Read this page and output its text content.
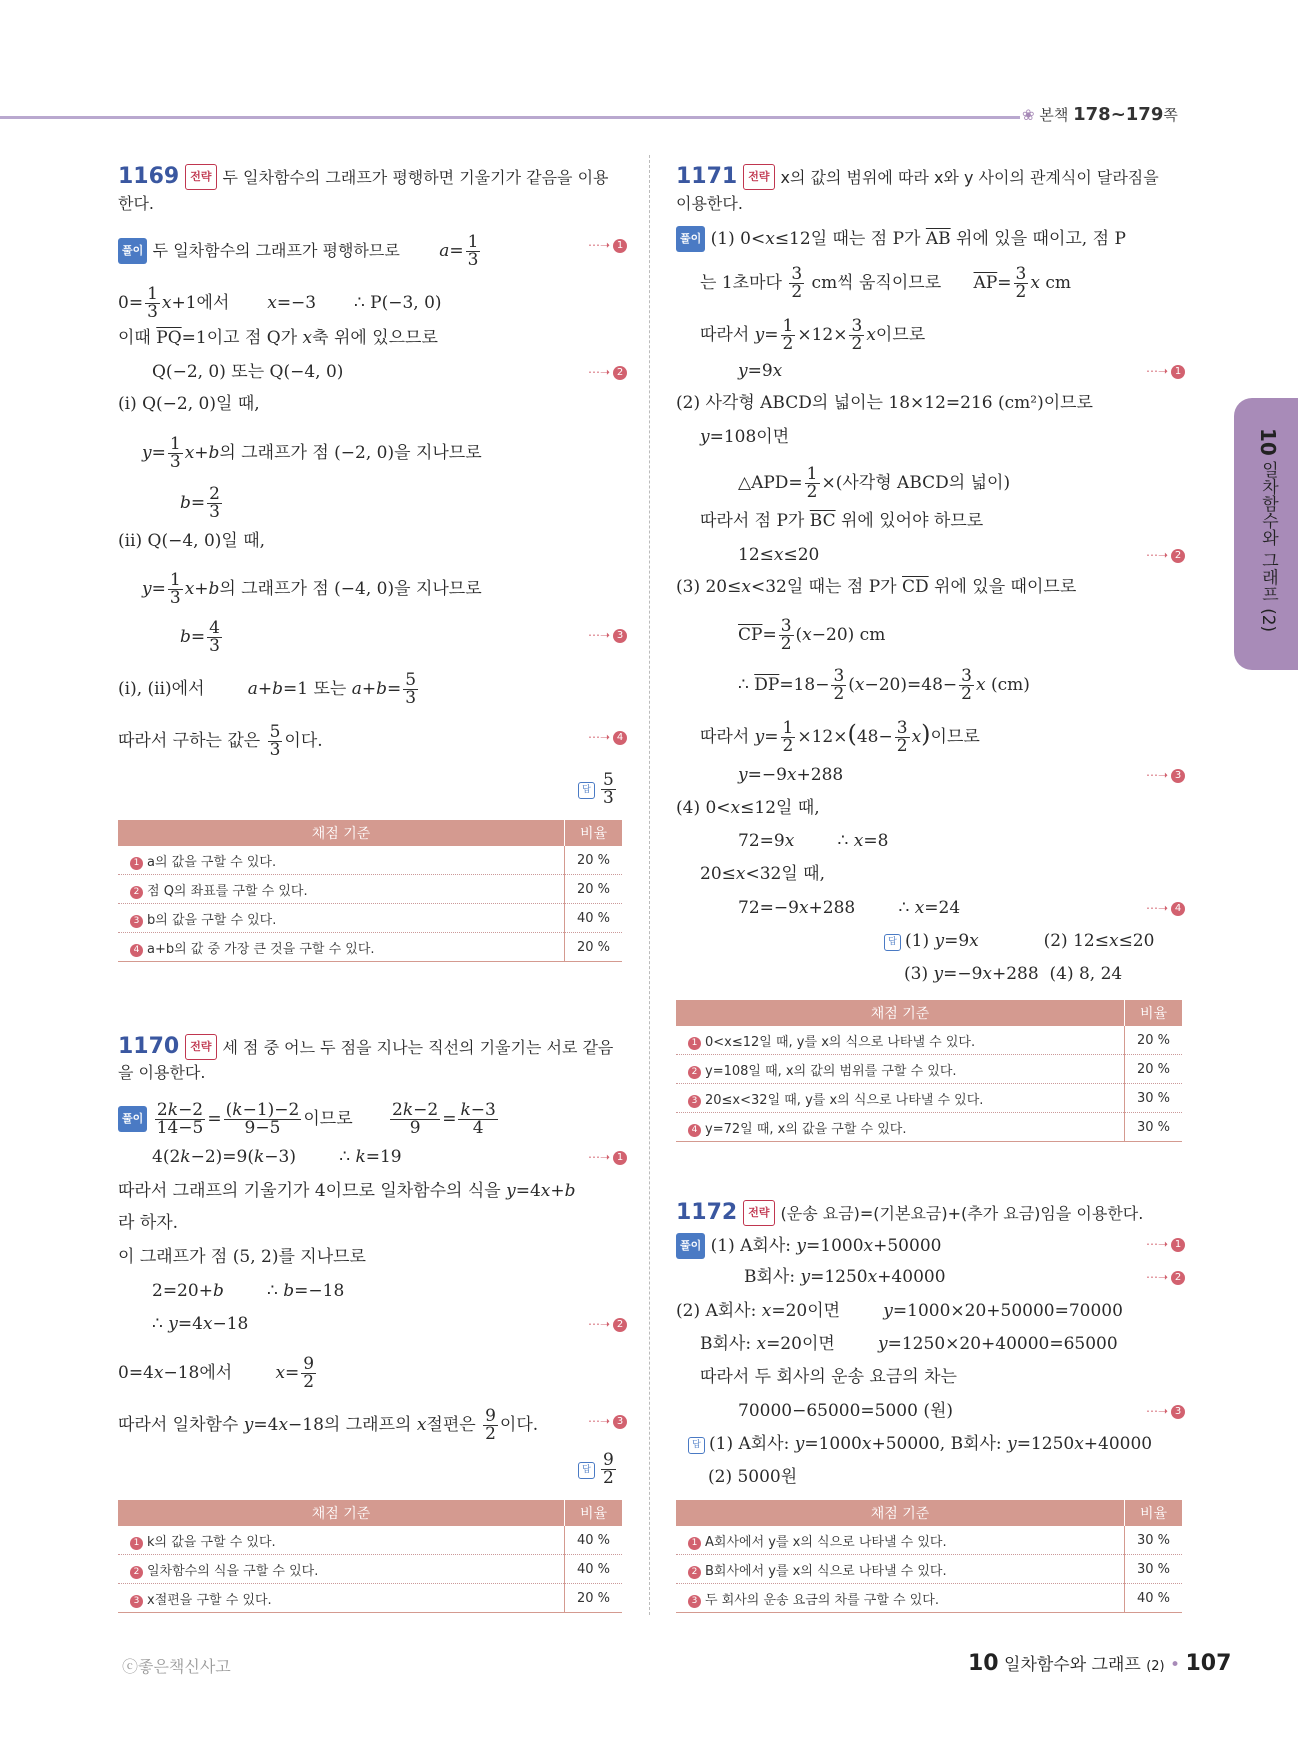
❀ 본책 178~179쪽
10 일차함수와 그래프 (2)
1169 전략 두 일차함수의 그래프가 평행하면 기울기가 같음을 이용
한다.
풀이 두 일차함수의 그래프가 평행하므로 $a= \frac{1}{3}$	⋯➝ 1
$0= \frac{1}{3} x+1$에서       x=−3       ∴ P(−3, 0)
이때 $\overline{PQ}=1$이고 점 Q가 x축 위에 있으므로
Q(−2, 0) 또는 Q(−4, 0)	⋯➝ 2
(ⅰ) Q(−2, 0)일 때,
$y= \frac{1}{3} x+b$의 그래프가 점 (−2, 0)을 지나므로
$b= \frac{2}{3}$
(ⅱ) Q(−4, 0)일 때,
$y= \frac{1}{3} x+b$의 그래프가 점 (−4, 0)을 지나므로
$b= \frac{4}{3}$	⋯➝ 3
(ⅰ), (ⅱ)에서        a+b=1 또는 $a+b= \frac{5}{3}$
따라서 구하는 값은 $\frac{5}{3}$ 이다.	⋯➝ 4
답 $\frac{5}{3}$
채점 기준	비율
1 a의 값을 구할 수 있다.	20 %
2 점 Q의 좌표를 구할 수 있다.	20 %
3 b의 값을 구할 수 있다.	40 %
4 a+b의 값 중 가장 큰 것을 구할 수 있다.	20 %
1170 전략 세 점 중 어느 두 점을 지나는 직선의 기울기는 서로 같음
을 이용한다.
풀이 $\frac{2k-2}{14-5} = \frac{(k-1)-2}{9-5}$ 이므로 $\frac{2k-2}{9} = \frac{k-3}{4}$
4(2k−2)=9(k−3)        ∴ k=19	⋯➝ 1
따라서 그래프의 기울기가 4이므로 일차함수의 식을 y=4x+b
라 하자.
이 그래프가 점 (5, 2)를 지나므로
2=20+b        ∴ b=−18
∴ y=4x−18	⋯➝ 2
0=4x−18에서        $x= \frac{9}{2}$
따라서 일차함수 y=4x−18의 그래프의 x절편은 $\frac{9}{2}$ 이다.	⋯➝ 3
답 $\frac{9}{2}$
채점 기준	비율
1 k의 값을 구할 수 있다.	40 %
2 일차함수의 식을 구할 수 있다.	40 %
3 x절편을 구할 수 있다.	20 %
1171 전략 x의 값의 범위에 따라 x와 y 사이의 관계식이 달라짐을
이용한다.
풀이 (1) 0<x≤12일 때는 점 P가 $\overline{AB}$ 위에 있을 때이고, 점 P
는 1초마다 $\frac{3}{2}$ cm씩 움직이므로      $\overline{AP}= \frac{3}{2}$ x cm
따라서 $y= \frac{1}{2} \times 12\times \frac{3}{2}$ x이므로
y=9x	⋯➝ 1
(2) 사각형 ABCD의 넓이는 18×12=216 (cm²)이므로
y=108이면
△APD= $\frac{1}{2}$ ×(사각형 ABCD의 넓이)
따라서 점 P가 $\overline{BC}$ 위에 있어야 하므로
12≤x≤20	⋯➝ 2
(3) 20≤x<32일 때는 점 P가 $\overline{CD}$ 위에 있을 때이므로
$\overline{CP}= \frac{3}{2} (x-20)$ cm
∴ $\overline{DP}=18- \frac{3}{2} (x-20)=48- \frac{3}{2}$ x (cm)
따라서 $y= \frac{1}{2} \times 12\times(48- \frac{3}{2} x)$이므로
y=−9x+288	⋯➝ 3
(4) 0<x≤12일 때,
72=9x        ∴ x=8
20≤x<32일 때,
72=−9x+288        ∴ x=24	⋯➝ 4
답 (1) y=9x            (2) 12≤x≤20
(3) y=−9x+288  (4) 8, 24
채점 기준	비율
1 0<x≤12일 때, y를 x의 식으로 나타낼 수 있다.	20 %
2 y=108일 때, x의 값의 범위를 구할 수 있다.	20 %
3 20≤x<32일 때, y를 x의 식으로 나타낼 수 있다.	30 %
4 y=72일 때, x의 값을 구할 수 있다.	30 %
1172 전략 (운송 요금)=(기본요금)+(추가 요금)임을 이용한다.
풀이 (1) A회사: y=1000x+50000	⋯➝ 1
B회사: y=1250x+40000	⋯➝ 2
(2) A회사: x=20이면        y=1000×20+50000=70000
B회사: x=20이면        y=1250×20+40000=65000
따라서 두 회사의 운송 요금의 차는
70000−65000=5000 (원)	⋯➝ 3
답 (1) A회사: y=1000x+50000, B회사: y=1250x+40000
(2) 5000원
채점 기준	비율
1 A회사에서 y를 x의 식으로 나타낼 수 있다.	30 %
2 B회사에서 y를 x의 식으로 나타낼 수 있다.	30 %
3 두 회사의 운송 요금의 차를 구할 수 있다.	40 %
ⓒ좋은책신사고	10 일차함수와 그래프 (2) • 107
